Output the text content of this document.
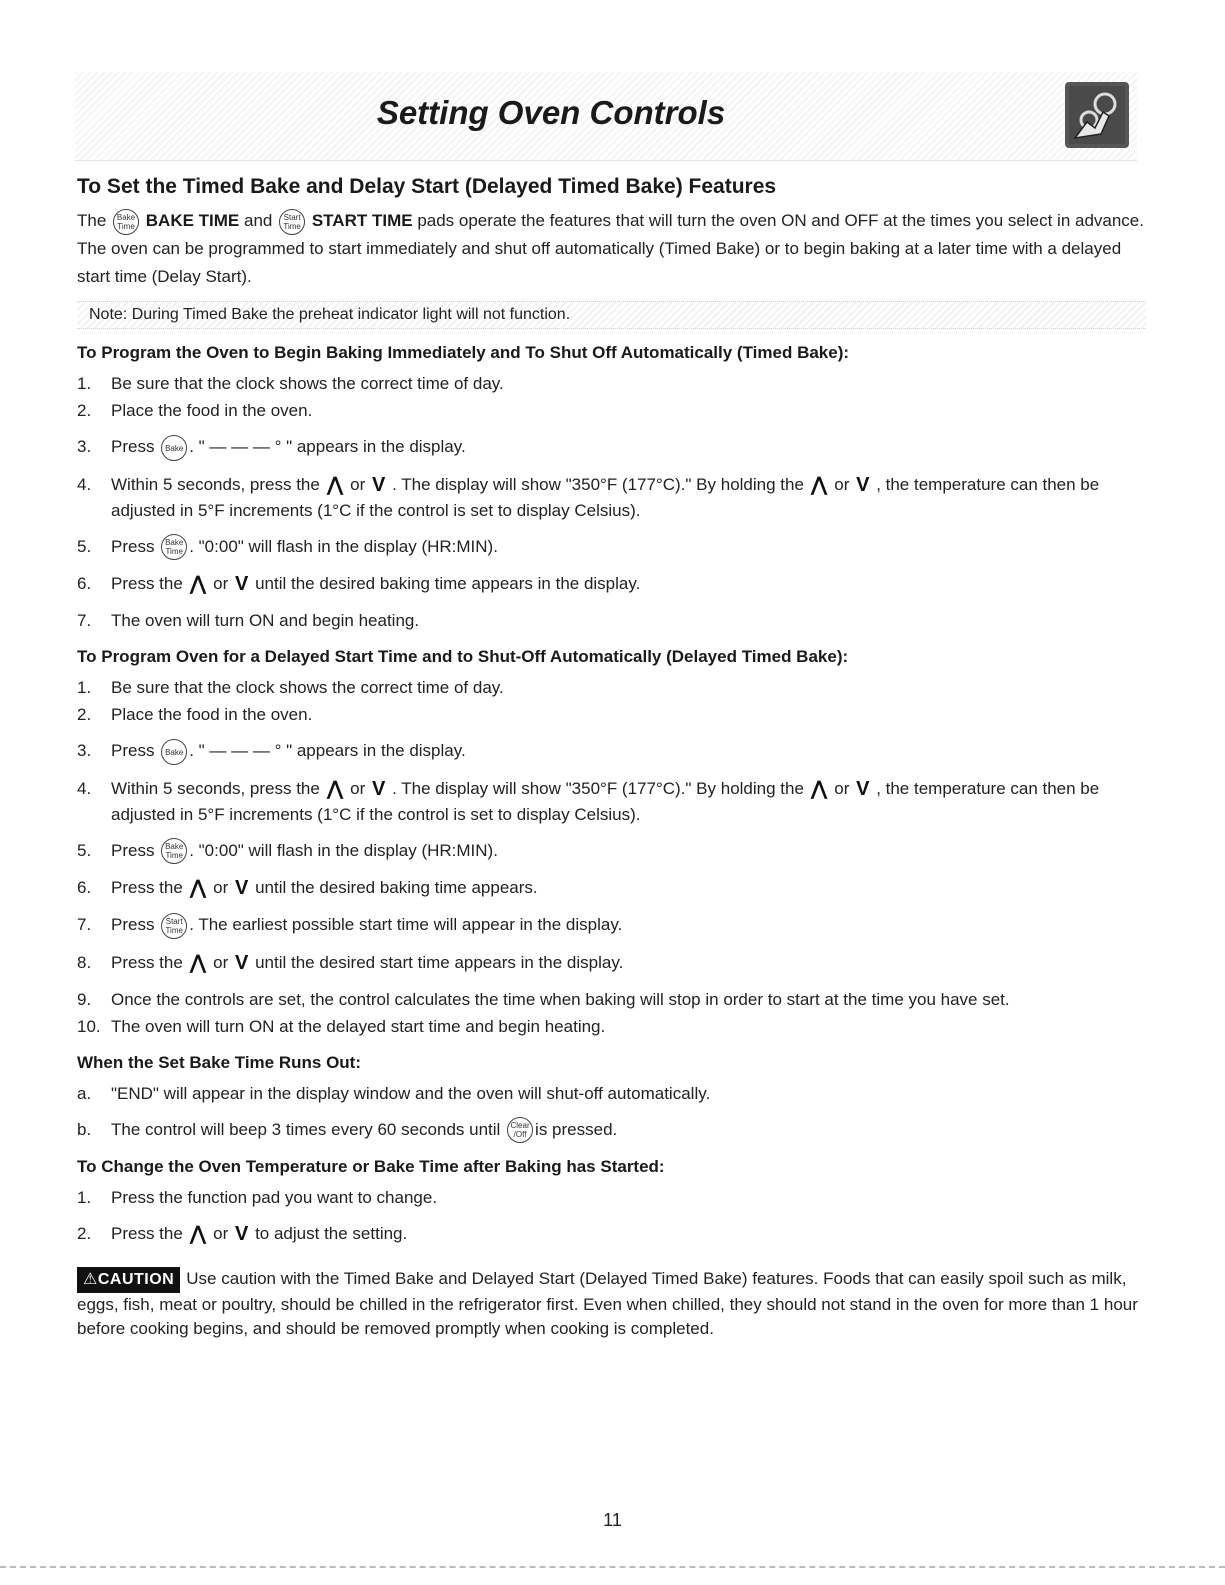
Setting Oven Controls
To Set the Timed Bake and Delay Start (Delayed Timed Bake) Features

The Bake Time BAKE TIME and Start Time START TIME pads operate the features that will turn the oven ON and OFF at the times you select in advance. The oven can be programmed to start immediately and shut off automatically (Timed Bake) or to begin baking at a later time with a delayed start time (Delay Start).

Note: During Timed Bake the preheat indicator light will not function.
To Program the Oven to Begin Baking Immediately and To Shut Off Automatically (Timed Bake):
1. Be sure that the clock shows the correct time of day.
2. Place the food in the oven.
3. Press Bake . " — — — ° " appears in the display.
4. Within 5 seconds, press the ⋀ or V . The display will show "350°F (177°C)." By holding the ⋀ or V , the temperature can then be adjusted in 5°F increments (1°C if the control is set to display Celsius).
5. Press Bake Time . "0:00" will flash in the display (HR:MIN).
6. Press the ⋀ or V until the desired baking time appears in the display.
7. The oven will turn ON and begin heating.
To Program Oven for a Delayed Start Time and to Shut-Off Automatically (Delayed Timed Bake):
1. Be sure that the clock shows the correct time of day.
2. Place the food in the oven.
3. Press Bake . " — — — ° " appears in the display.
4. Within 5 seconds, press the ⋀ or V . The display will show "350°F (177°C)." By holding the ⋀ or V , the temperature can then be adjusted in 5°F increments (1°C if the control is set to display Celsius).
5. Press Bake Time . "0:00" will flash in the display (HR:MIN).
6. Press the ⋀ or V until the desired baking time appears.
7. Press Start Time . The earliest possible start time will appear in the display.
8. Press the ⋀ or V until the desired start time appears in the display.
9. Once the controls are set, the control calculates the time when baking will stop in order to start at the time you have set.
10. The oven will turn ON at the delayed start time and begin heating.
When the Set Bake Time Runs Out:
a. "END" will appear in the display window and the oven will shut-off automatically.
b. The control will beep 3 times every 60 seconds until Clear /Off is pressed.
To Change the Oven Temperature or Bake Time after Baking has Started:
1. Press the function pad you want to change.
2. Press the ⋀ or V to adjust the setting.
⚠CAUTION Use caution with the Timed Bake and Delayed Start (Delayed Timed Bake) features. Foods that can easily spoil such as milk, eggs, fish, meat or poultry, should be chilled in the refrigerator first. Even when chilled, they should not stand in the oven for more than 1 hour before cooking begins, and should be removed promptly when cooking is completed.
11
